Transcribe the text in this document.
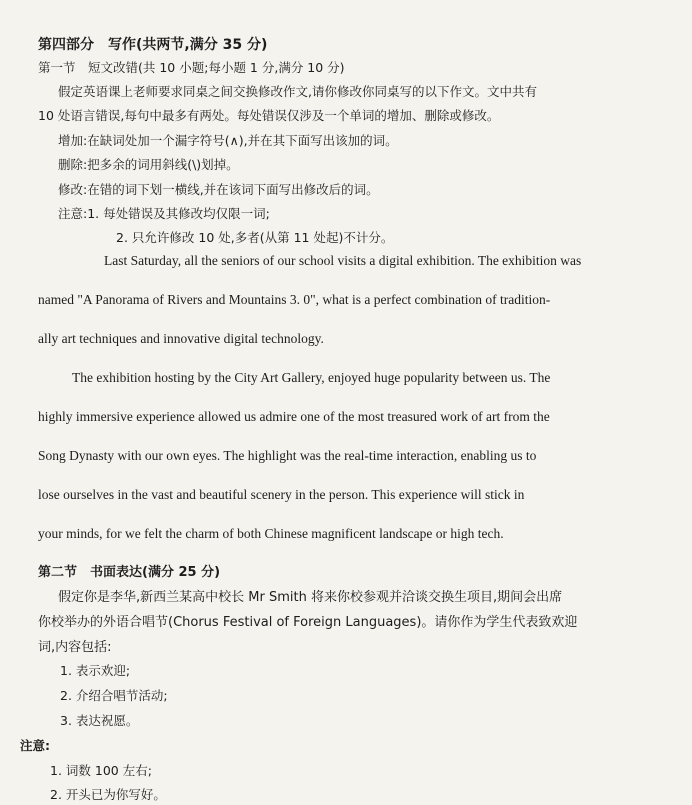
第四部分　写作(共两节,满分 35 分)
第一节　短文改错(共 10 小题;每小题 1 分,满分 10 分)
假定英语课上老师要求同桌之间交换修改作文,请你修改你同桌写的以下作文。文中共有
10 处语言错误,每句中最多有两处。每处错误仅涉及一个单词的增加、删除或修改。
增加:在缺词处加一个漏字符号(∧),并在其下面写出该加的词。
删除:把多余的词用斜线(\)划掉。
修改:在错的词下划一横线,并在该词下面写出修改后的词。
注意:1. 每处错误及其修改均仅限一词;
2. 只允许修改 10 处,多者(从第 11 处起)不计分。
Last Saturday, all the seniors of our school visits a digital exhibition. The exhibition was
named "A Panorama of Rivers and Mountains 3. 0", what is a perfect combination of tradition-
ally art techniques and innovative digital technology.
The exhibition hosting by the City Art Gallery, enjoyed huge popularity between us. The
highly immersive experience allowed us admire one of the most treasured work of art from the
Song Dynasty with our own eyes. The highlight was the real-time interaction, enabling us to
lose ourselves in the vast and beautiful scenery in the person. This experience will stick in
your minds, for we felt the charm of both Chinese magnificent landscape or high tech.
第二节　书面表达(满分 25 分)
假定你是李华,新西兰某高中校长 Mr Smith 将来你校参观并洽谈交换生项目,期间会出席
你校举办的外语合唱节(Chorus Festival of Foreign Languages)。请你作为学生代表致欢迎
词,内容包括:
1. 表示欢迎;
2. 介绍合唱节活动;
3. 表达祝愿。
注意:
1. 词数 100 左右;
2. 开头已为你写好。
